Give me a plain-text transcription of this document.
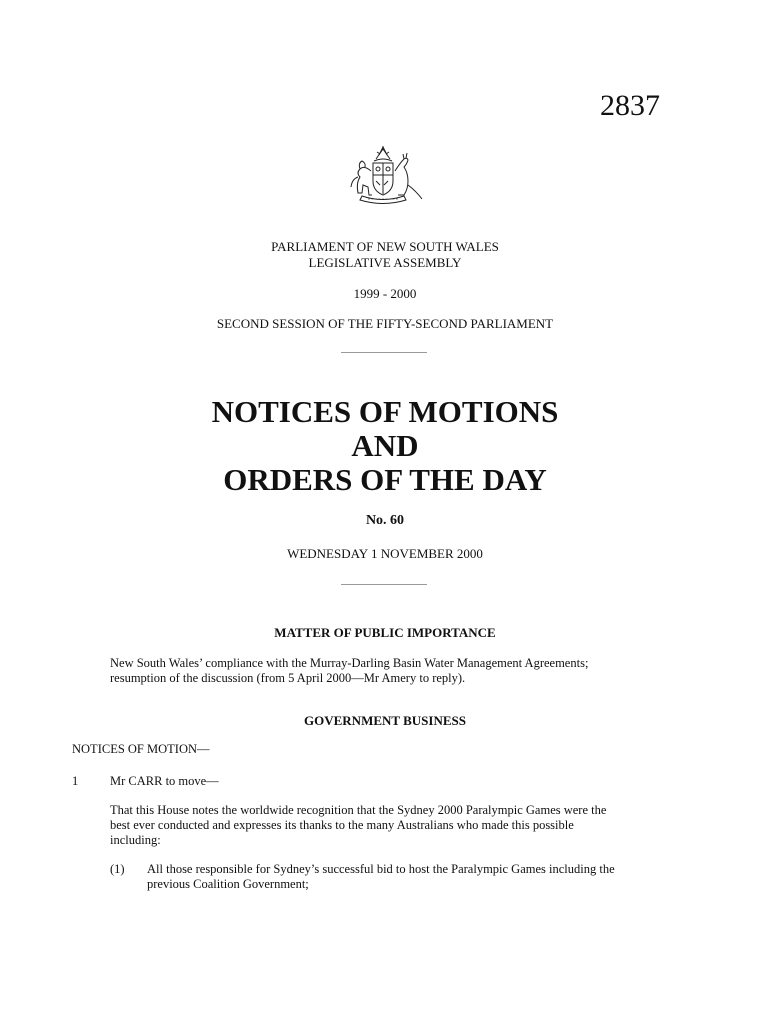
2837
PARLIAMENT OF NEW SOUTH WALES
LEGISLATIVE ASSEMBLY
1999 - 2000
SECOND SESSION OF THE FIFTY-SECOND PARLIAMENT
NOTICES OF MOTIONS
AND
ORDERS OF THE DAY
No. 60
WEDNESDAY 1 NOVEMBER 2000
MATTER OF PUBLIC IMPORTANCE
New South Wales’ compliance with the Murray-Darling Basin Water Management Agreements;
resumption of the discussion (from 5 April 2000—Mr Amery to reply).
GOVERNMENT BUSINESS
NOTICES OF MOTION—
1	Mr CARR to move—
That this House notes the worldwide recognition that the Sydney 2000 Paralympic Games were the
best ever conducted and expresses its thanks to the many Australians who made this possible
including:
(1) All those responsible for Sydney’s successful bid to host the Paralympic Games including the
previous Coalition Government;
